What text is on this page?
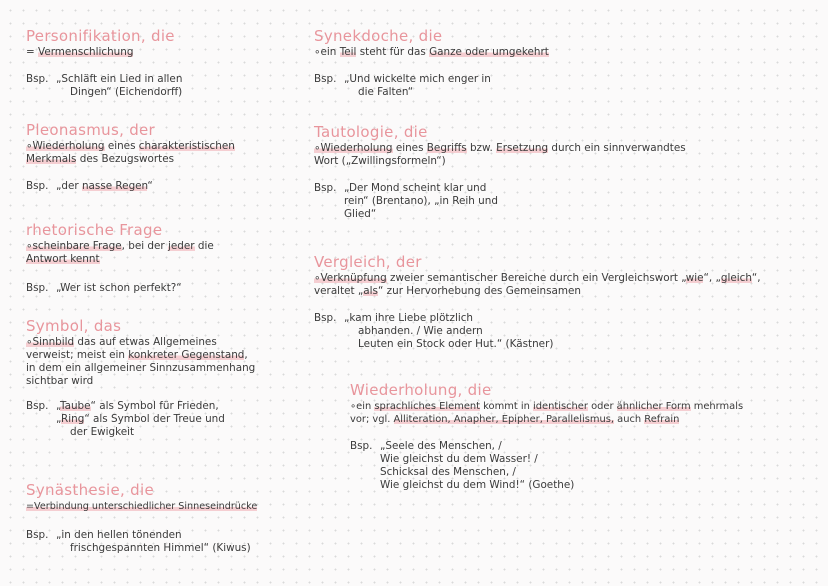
Personifikation, die
= Vermenschlichung
Bsp. „Schläft ein Lied in allen
Dingen“ (Eichendorff)
Pleonasmus, der
∘Wiederholung eines charakteristischen
Merkmals des Bezugswortes
Bsp. „der nasse Regen“
rhetorische Frage
∘scheinbare Frage, bei der jeder die
Antwort kennt
Bsp. „Wer ist schon perfekt?“
Symbol, das
∘Sinnbild das auf etwas Allgemeines
verweist; meist ein konkreter Gegenstand,
in dem ein allgemeiner Sinnzusammenhang
sichtbar wird
Bsp. „Taube“ als Symbol für Frieden,
„Ring“ als Symbol der Treue und
der Ewigkeit
Synästhesie, die
=Verbindung unterschiedlicher Sinneseindrücke
Bsp. „in den hellen tönenden
frischgespannten Himmel“ (Kiwus)
Synekdoche, die
∘ein Teil steht für das Ganze oder umgekehrt
Bsp. „Und wickelte mich enger in
die Falten“
Tautologie, die
∘Wiederholung eines Begriffs bzw. Ersetzung durch ein sinnverwandtes
Wort („Zwillingsformeln“)
Bsp. „Der Mond scheint klar und
rein“ (Brentano), „in Reih und
Glied“
Vergleich, der
∘Verknüpfung zweier semantischer Bereiche durch ein Vergleichswort „wie“, „gleich“,
veraltet „als“ zur Hervorhebung des Gemeinsamen
Bsp. „kam ihre Liebe plötzlich
abhanden. / Wie andern
Leuten ein Stock oder Hut.“ (Kästner)
Wiederholung, die
∘ein sprachliches Element kommt in identischer oder ähnlicher Form mehrmals
vor; vgl. Alliteration, Anapher, Epipher, Parallelismus, auch Refrain
Bsp. „Seele des Menschen, /
Wie gleichst du dem Wasser! /
Schicksal des Menschen, /
Wie gleichst du dem Wind!“ (Goethe)
